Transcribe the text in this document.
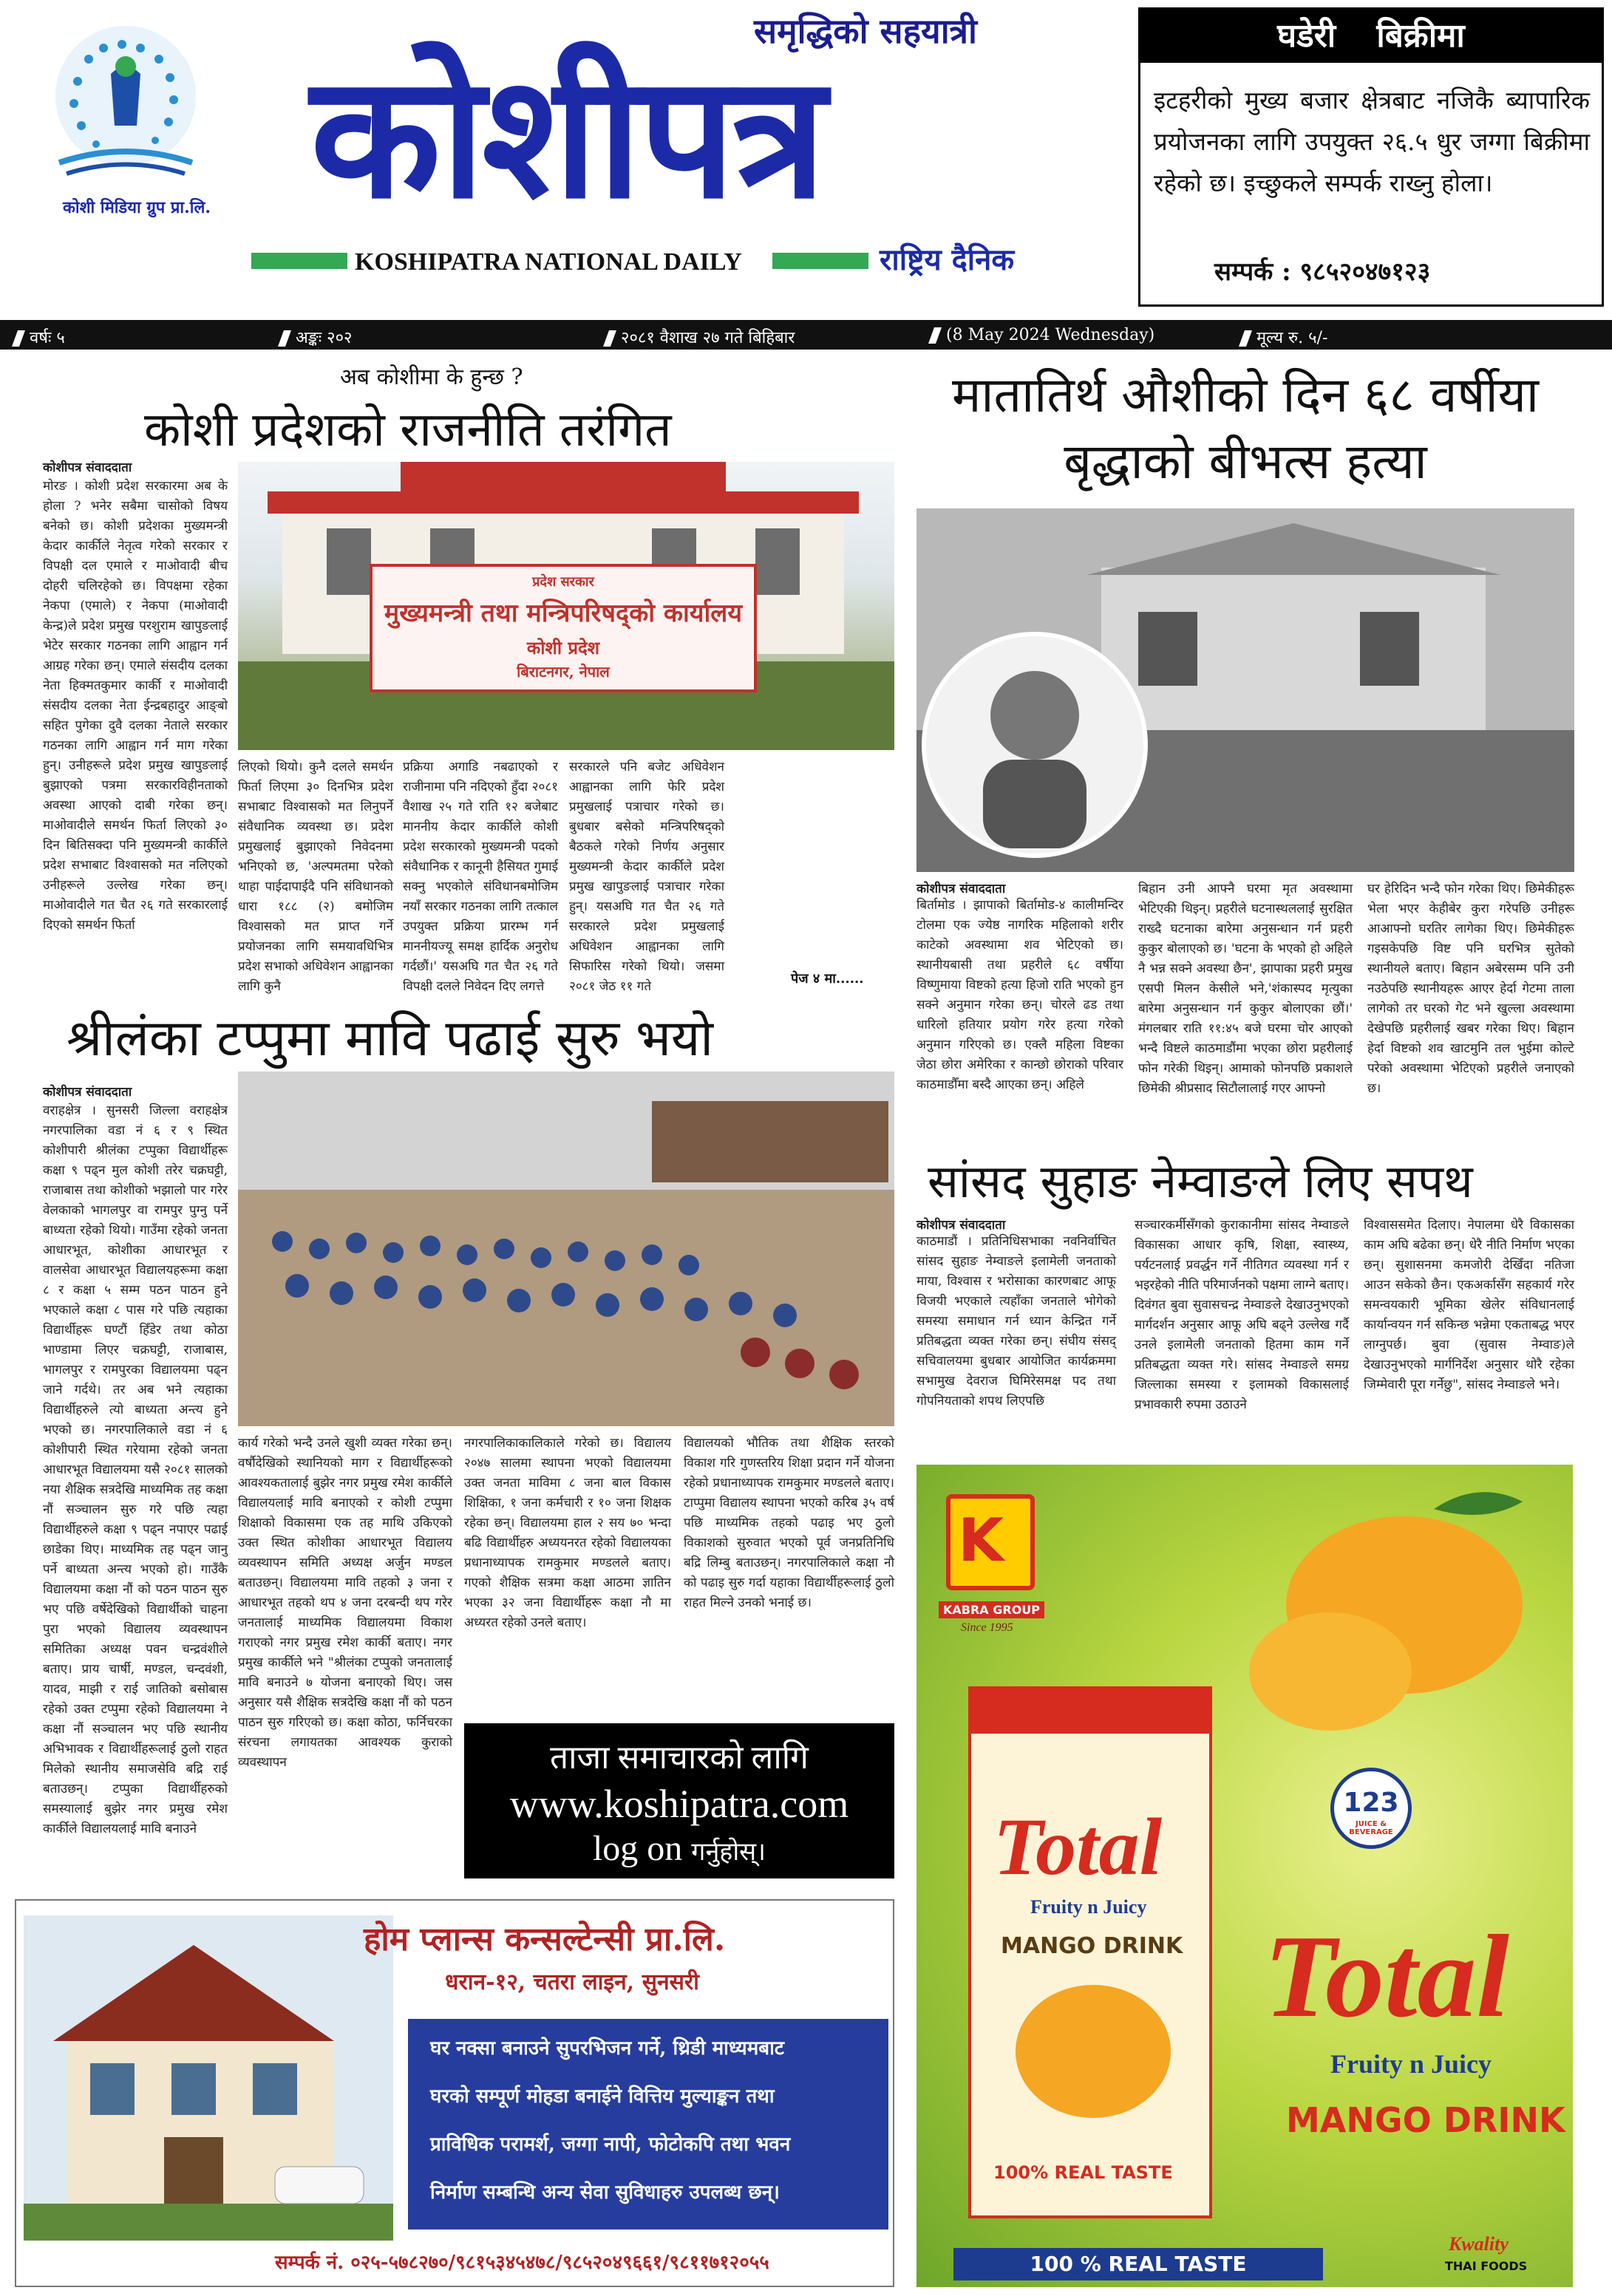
कोशी मिडिया ग्रुप प्रा.लि.
समृद्धिको सहयात्री
कोशीपत्र
KOSHIPATRA NATIONAL DAILY	राष्ट्रिय दैनिक
घडेरी बिक्रीमा
इटहरीको मुख्य बजार क्षेत्रबाट नजिकै ब्यापारिक प्रयोजनका लागि उपयुक्त २६.५ धुर जग्गा बिक्रीमा रहेको छ। इच्छुकले सम्पर्क राख्नु होला।
सम्पर्क : ९८५२०४७१२३
वर्षः ५	अङ्कः २०२	२०८१ वैशाख २७ गते बिहिबार	(8 May 2024 Wednesday)	मूल्य रु. ५/-
अब कोशीमा के हुन्छ ?
कोशी प्रदेशको राजनीति तरंगित
कोशीपत्र संवाददाता
मोरङ । कोशी प्रदेश सरकारमा अब के होला ? भनेर सबैमा चासोको विषय बनेको छ। कोशी प्रदेशका मुख्यमन्त्री केदार कार्कीले नेतृत्व गरेको सरकार र विपक्षी दल एमाले र माओवादी बीच दोहरी चलिरहेको छ। विपक्षमा रहेका नेकपा (एमाले) र नेकपा (माओवादी केन्द्र)ले प्रदेश प्रमुख परशुराम खापुङलाई भेटेर सरकार गठनका लागि आह्वान गर्न आग्रह गरेका छन्। एमाले संसदीय दलका नेता हिक्मतकुमार कार्की र माओवादी संसदीय दलका नेता ईन्द्रबहादुर आङ्बो सहित पुगेका दुवै दलका नेताले सरकार गठनका लागि आह्वान गर्न माग गरेका हुन्। उनीहरूले प्रदेश प्रमुख खापुङलाई बुझाएको पत्रमा सरकारविहीनताको अवस्था आएको दाबी गरेका छन्। माओवादीले समर्थन फिर्ता लिएको ३० दिन बितिसक्दा पनि मुख्यमन्त्री कार्कीले प्रदेश सभाबाट विश्वासको मत नलिएको उनीहरूले उल्लेख गरेका छन्। माओवादीले गत चैत २६ गते सरकारलाई दिएको समर्थन फिर्ता
प्रदेश सरकार
मुख्यमन्त्री तथा मन्त्रिपरिषद्को कार्यालय
कोशी प्रदेश
बिराटनगर, नेपाल
लिएको थियो। कुनै दलले समर्थन फिर्ता लिएमा ३० दिनभित्र प्रदेश सभाबाट विश्वासको मत लिनुपर्ने संवैधानिक व्यवस्था छ। प्रदेश प्रमुखलाई बुझाएको निवेदनमा भनिएको छ, 'अल्पमतमा परेको थाहा पाईदापाईदै पनि संविधानको धारा १८८ (२) बमोजिम विश्वासको मत प्राप्त गर्ने प्रयोजनका लागि समयावधिभित्र प्रदेश सभाको अधिवेशन आह्वानका लागि कुनै
प्रक्रिया अगाडि नबढाएको र राजीनामा पनि नदिएको हुँदा २०८१ वैशाख २५ गते राति १२ बजेबाट माननीय केदार कार्कीले कोशी प्रदेश सरकारको मुख्यमन्त्री पदको संवैधानिक र कानूनी हैसियत गुमाई सक्नु भएकोले संविधानबमोजिम नयाँ सरकार गठनका लागि तत्काल उपयुक्त प्रक्रिया प्रारम्भ गर्न माननीयज्यू समक्ष हार्दिक अनुरोध गर्दछौं।' यसअघि गत चैत २६ गते विपक्षी दलले निवेदन दिए लगत्ते
सरकारले पनि बजेट अधिवेशन आह्वानका लागि फेरि प्रदेश प्रमुखलाई पत्राचार गरेको छ। बुधबार बसेको मन्त्रिपरिषद्को बैठकले गरेको निर्णय अनुसार मुख्यमन्त्री केदार कार्कीले प्रदेश प्रमुख खापुङलाई पत्राचार गरेका हुन्। यसअघि गत चैत २६ गते सरकारले प्रदेश प्रमुखलाई अधिवेशन आह्वानका लागि सिफारिस गरेको थियो। जसमा २०८१ जेठ ११ गते	पेज ४ मा......
मातातिर्थ औशीको दिन ६८ वर्षीया बृद्धाको बीभत्स हत्या
कोशीपत्र संवाददाता
बिर्तामोड । झापाको बिर्तामोड-४ कालीमन्दिर टोलमा एक ज्येष्ठ नागरिक महिलाको शरीर काटेको अवस्थामा शव भेटिएको छ। स्थानीयबासी तथा प्रहरीले ६८ वर्षीया विष्णुमाया विष्टको हत्या हिजो राति भएको हुन सक्ने अनुमान गरेका छन्। चोरले ढड तथा धारिलो हतियार प्रयोग गरेर हत्या गरेको अनुमान गरिएको छ। एक्लै महिला विष्टका जेठा छोरा अमेरिका र कान्छो छोराको परिवार काठमाडौँमा बस्दै आएका छन्। अहिले
बिहान उनी आफ्नै घरमा मृत अवस्थामा भेटिएकी थिइन्। प्रहरीले घटनास्थललाई सुरक्षित राख्दै घटनाका बारेमा अनुसन्धान गर्न प्रहरी कुकुर बोलाएको छ। 'घटना के भएको हो अहिले नै भन्न सक्ने अवस्था छैन', झापाका प्रहरी प्रमुख एसपी मिलन केसीले भने,'शंकास्पद मृत्युका बारेमा अनुसन्धान गर्न कुकुर बोलाएका छौं।' मंगलबार राति ११:४५ बजे घरमा चोर आएको भन्दै विष्टले काठमाडौंमा भएका छोरा प्रहरीलाई फोन गरेकी थिइन्। आमाको फोनपछि प्रकाशले छिमेकी श्रीप्रसाद सिटौलालाई गएर आफ्नो
घर हेरिदिन भन्दै फोन गरेका थिए। छिमेकीहरू भेला भएर केहीबेर कुरा गरेपछि उनीहरू आआफ्नो घरतिर लागेका थिए। छिमेकीहरू गइसकेपछि विष्ट पनि घरभित्र सुतेको स्थानीयले बताए। बिहान अबेरसम्म पनि उनी नउठेपछि स्थानीयहरू आएर हेर्दा गेटमा ताला लागेको तर घरको गेट भने खुल्ला अवस्थामा देखेपछि प्रहरीलाई खबर गरेका थिए। बिहान हेर्दा विष्टको शव खाटमुनि तल भुईमा कोल्टे परेको अवस्थामा भेटिएको प्रहरीले जनाएको छ।
श्रीलंका टप्पुमा मावि पढाई सुरु भयो
कोशीपत्र संवाददाता
वराहक्षेत्र । सुनसरी जिल्ला वराहक्षेत्र नगरपालिका वडा नं ६ र ९ स्थित कोशीपारी श्रीलंका टप्पुका विद्यार्थीहरू कक्षा ९ पढ्न मुल कोशी तरेर चक्रघट्टी, राजाबास तथा कोशीको भझालो पार गरेर वेलकाको भागलपुर वा रामपुर पुग्नु पर्ने बाध्यता रहेको थियो। गाउँमा रहेको जनता आधारभूत, कोशीका आधारभूत र वालसेवा आधारभूत विद्यालयहरूमा कक्षा ८ र कक्षा ५ सम्म पठन पाठन हुने भएकाले कक्षा ८ पास गरे पछि त्यहाका विद्यार्थीहरू घण्टौं हिँडेर तथा कोठा भाण्डामा लिएर चक्रघट्टी, राजाबास, भागलपुर र रामपुरका विद्यालयमा पढ्न जाने गर्दथे। तर अब भने त्यहाका विद्यार्थीहरुले त्यो बाध्यता अन्त्य हुने भएको छ। नगरपालिकाले वडा नं ६ कोशीपारी स्थित गरेयामा रहेको जनता आधारभूत विद्यालयमा यसै २०८१ सालको नया शैक्षिक सत्रदेखि माध्यमिक तह कक्षा नौं सञ्चालन सुरु गरे पछि त्यहा विद्यार्थीहरुले कक्षा ९ पढ्न नपाएर पढाई छाडेका थिए। माध्यमिक तह पढ्न जानु पर्ने बाध्यता अन्त्य भएको हो। गाउँकै विद्यालयमा कक्षा नौं को पठन पाठन सुरु भए पछि वर्षेदेखिको विद्यार्थीको चाहना पुरा भएको विद्यालय व्यवस्थापन समितिका अध्यक्ष पवन चन्द्रवंशीले बताए। प्राय चार्षी, मण्डल, चन्दवंशी, यादव, माझी र राई जातिको बसोबास रहेको उक्त टप्पुमा रहेको विद्यालयमा ने कक्षा नौं सञ्चालन भए पछि स्थानीय अभिभावक र विद्यार्थीहरूलाई ठुलो राहत मिलेको स्थानीय समाजसेवि बद्रि राई बताउछन्। टप्पुका विद्यार्थीहरुको समस्यालाई बुझेर नगर प्रमुख रमेश कार्कीले विद्यालयलाई मावि बनाउने
कार्य गरेको भन्दै उनले खुशी व्यक्त गरेका छन्। वर्षौदेखिको स्थानियको माग र विद्यार्थीहरूको आवश्यकतालाई बुझेर नगर प्रमुख रमेश कार्कीले विद्यालयलाई मावि बनाएको र कोशी टप्पुमा शिक्षाको विकासमा एक तह माथि उकिएको उक्त स्थित कोशीका आधारभूत विद्यालय व्यवस्थापन समिति अध्यक्ष अर्जुन मण्डल बताउछन्। विद्यालयमा मावि तहको ३ जना र आधारभूत तहको थप ४ जना दरबन्दी थप गरेर जनतालाई माध्यमिक विद्यालयमा विकाश गराएको नगर प्रमुख रमेश कार्की बताए। नगर प्रमुख कार्कीले भने "श्रीलंका टप्पुको जनतालाई मावि बनाउने ७ योजना बनाएको थिए। जस अनुसार यसै शैक्षिक सत्रदेखि कक्षा नौं को पठन पाठन सुरु गरिएको छ। कक्षा कोठा, फर्निचरका संरचना लगायतका आवश्यक कुराको व्यवस्थापन
नगरपालिकाकालिकाले गरेको छ। विद्यालय २०४७ सालमा स्थापना भएको विद्यालयमा उक्त जनता माविमा ८ जना बाल विकास शिक्षिका, १ जना कर्मचारी र १० जना शिक्षक रहेका छन्। विद्यालयमा हाल २ सय ७० भन्दा बढि विद्यार्थीहरु अध्ययनरत रहेको विद्यालयका प्रधानाध्यापक रामकुमार मण्डलले बताए। गएको शैक्षिक सत्रमा कक्षा आठमा ज्ञातिन भएका ३२ जना विद्यार्थीहरू कक्षा नौ मा अध्यरत रहेको उनले बताए।
विद्यालयको भौतिक तथा शैक्षिक स्तरको विकाश गरि गुणस्तरिय शिक्षा प्रदान गर्ने योजना रहेको प्रधानाध्यापक रामकुमार मण्डलले बताए। टाप्पुमा विद्यालय स्थापना भएको करिब ३५ वर्ष पछि माध्यमिक तहको पढाइ भए ठुलो विकाशको सुरुवात भएको पूर्व जनप्रतिनिधि बद्रि लिम्बु बताउछन्। नगरपालिकाले कक्षा नौ को पढाइ सुरु गर्दा यहाका विद्यार्थीहरूलाई ठुलो राहत मिल्ने उनको भनाई छ।
ताजा समाचारको लागि
www.koshipatra.com
log on गर्नुहोस्।
सांसद सुहाङ नेम्वाङले लिए सपथ
कोशीपत्र संवाददाता
काठमाडौं । प्रतिनिधिसभाका नवनिर्वाचित सांसद सुहाङ नेम्वाङले इलामेली जनताको माया, विश्वास र भरोसाका कारणबाट आफू विजयी भएकाले त्यहाँका जनताले भोगेको समस्या समाधान गर्न ध्यान केन्द्रित गर्ने प्रतिबद्धता व्यक्त गरेका छन्। संघीय संसद् सचिवालयमा बुधबार आयोजित कार्यक्रममा सभामुख देवराज घिमिरेसमक्ष पद तथा गोपनियताको शपथ लिएपछि
सञ्चारकर्मीसँगको कुराकानीमा सांसद नेम्वाङले विकासका आधार कृषि, शिक्षा, स्वास्थ्य, पर्यटनलाई प्रवर्द्धन गर्ने नीतिगत व्यवस्था गर्न र भइरहेको नीति परिमार्जनको पक्षमा लाग्ने बताए। दिवंगत बुवा सुवासचन्द्र नेम्वाङले देखाउनुभएको मार्गदर्शन अनुसार आफू अघि बढ्ने उल्लेख गर्दै उनले इलामेली जनताको हितमा काम गर्ने प्रतिबद्धता व्यक्त गरे। सांसद नेम्वाङले समग्र जिल्लाका समस्या र इलामको विकासलाई प्रभावकारी रुपमा उठाउने
विश्वाससमेत दिलाए। नेपालमा धेरै विकासका काम अघि बढेका छन्। धेरै नीति निर्माण भएका छन्। सुशासनमा कमजोरी देखिँदा नतिजा आउन सकेको छैन। एकअर्कासँग सहकार्य गरेर समन्वयकारी भूमिका खेलेर संविधानलाई कार्यान्वयन गर्न सकिन्छ भन्नेमा एकताबद्ध भएर लाग्नुपर्छ। बुवा (सुवास नेम्वाङ)ले देखाउनुभएको मार्गनिर्देश अनुसार थोरै रहेका जिम्मेवारी पूरा गर्नेछु", सांसद नेम्वाङले भने।
होम प्लान्स कन्सल्टेन्सी प्रा.लि.
धरान-१२, चतरा लाइन, सुनसरी
घर नक्सा बनाउने सुपरभिजन गर्ने, थ्रिडी माध्यमबाट
घरको सम्पूर्ण मोहडा बनाईने वित्तिय मुल्याङ्कन तथा
प्राविधिक परामर्श, जग्गा नापी, फोटोकपि तथा भवन
निर्माण सम्बन्धि अन्य सेवा सुविधाहरु उपलब्ध छन्।
सम्पर्क नं. ०२५-५७८२७०/९८१५३४५४७८/९८५२०४९६६१/९८११७१२०५५
K
KABRA GROUP
Since 1995
Total
Fruity n Juicy
MANGO DRINK
100% REAL TASTE
123
JUICE & BEVERAGE
Total
Fruity n Juicy
MANGO DRINK
100 % REAL TASTE
Kwality
THAI FOODS
